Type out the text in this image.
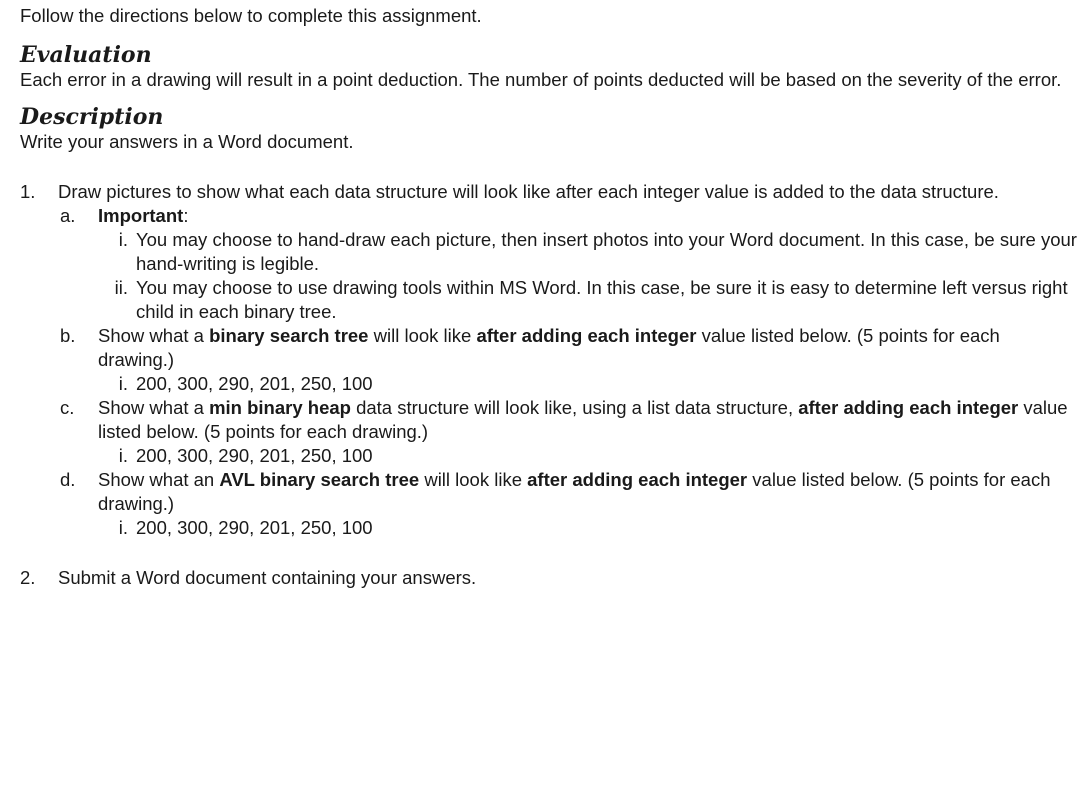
Follow the directions below to complete this assignment.

Evaluation

Each error in a drawing will result in a point deduction. The number of points deducted will be based on the severity of the error.

Description

Write your answers in a Word document.

1. Draw pictures to show what each data structure will look like after each integer value is added to the data structure.
a. Important:
i. You may choose to hand-draw each picture, then insert photos into your Word document. In this case, be sure your hand-writing is legible.
ii. You may choose to use drawing tools within MS Word. In this case, be sure it is easy to determine left versus right child in each binary tree.
b. Show what a binary search tree will look like after adding each integer value listed below. (5 points for each drawing.)
i. 200, 300, 290, 201, 250, 100
c. Show what a min binary heap data structure will look like, using a list data structure, after adding each integer value listed below. (5 points for each drawing.)
i. 200, 300, 290, 201, 250, 100
d. Show what an AVL binary search tree will look like after adding each integer value listed below. (5 points for each drawing.)
i. 200, 300, 290, 201, 250, 100
2. Submit a Word document containing your answers.
